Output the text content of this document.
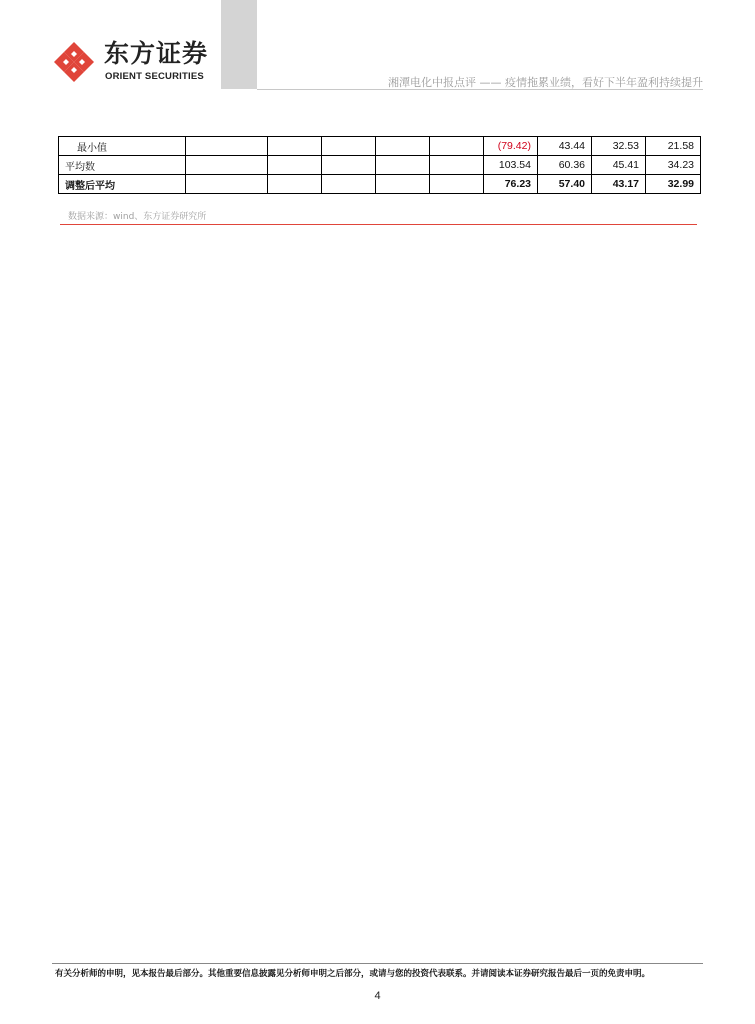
东方证券
ORIENT SECURITIES	湘潭电化中报点评 —— 疫情拖累业绩，看好下半年盈利持续提升
最小值						(79.42)	43.44	32.53	21.58
平均数						103.54	60.36	45.41	34.23
调整后平均						76.23	57.40	43.17	32.99
数据来源：wind、东方证券研究所
有关分析师的申明，见本报告最后部分。其他重要信息披露见分析师申明之后部分，或请与您的投资代表联系。并请阅读本证券研究报告最后一页的免责申明。
4
